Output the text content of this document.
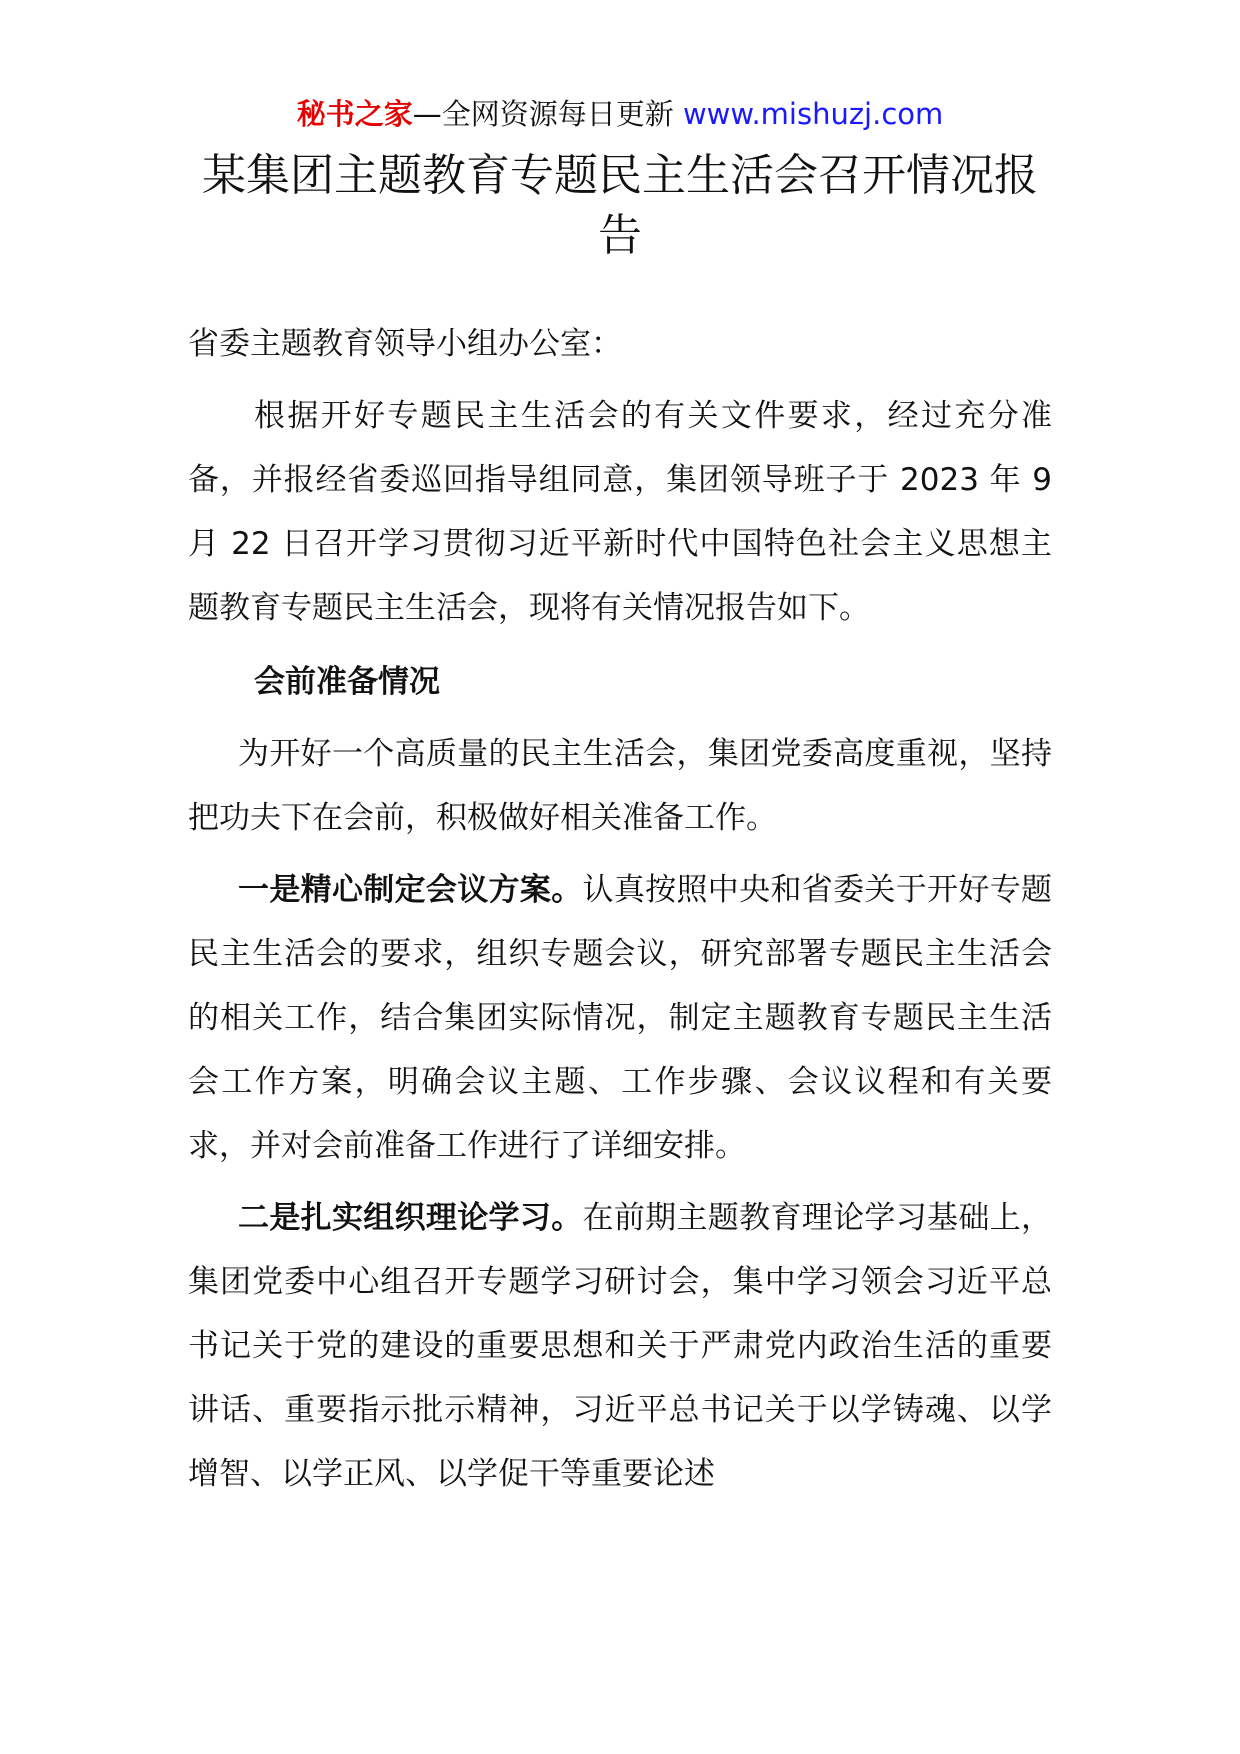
秘书之家—全网资源每日更新 www.mishuzj.com
某集团主题教育专题民主生活会召开情况报告
省委主题教育领导小组办公室：

根据开好专题民主生活会的有关文件要求，经过充分准备，并报经省委巡回指导组同意，集团领导班子于 2023 年 9 月 22 日召开学习贯彻习近平新时代中国特色社会主义思想主题教育专题民主生活会，现将有关情况报告如下。

会前准备情况

为开好一个高质量的民主生活会，集团党委高度重视，坚持把功夫下在会前，积极做好相关准备工作。

一是精心制定会议方案。认真按照中央和省委关于开好专题民主生活会的要求，组织专题会议，研究部署专题民主生活会的相关工作，结合集团实际情况，制定主题教育专题民主生活会工作方案，明确会议主题、工作步骤、会议议程和有关要求，并对会前准备工作进行了详细安排。

二是扎实组织理论学习。在前期主题教育理论学习基础上，集团党委中心组召开专题学习研讨会，集中学习领会习近平总书记关于党的建设的重要思想和关于严肃党内政治生活的重要讲话、重要指示批示精神，习近平总书记关于以学铸魂、以学增智、以学正风、以学促干等重要论述
